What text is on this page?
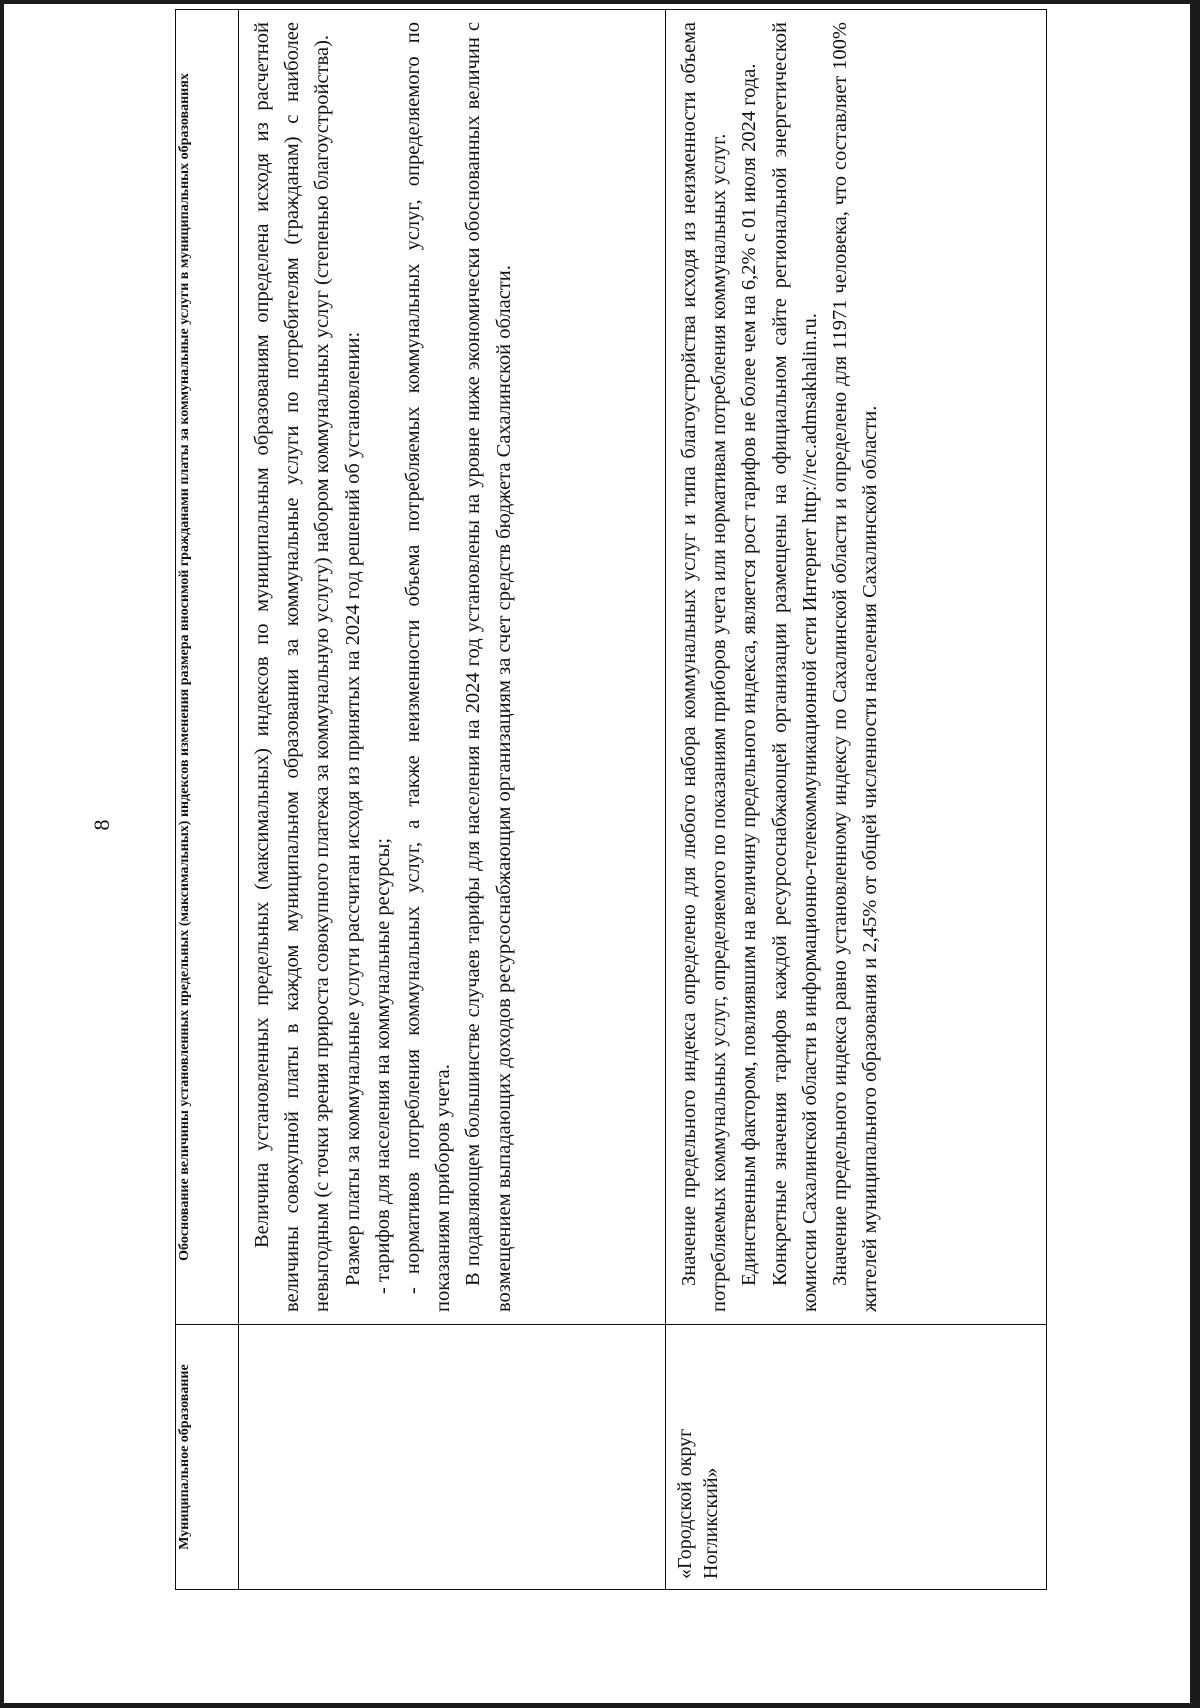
8
Муниципальное образование	Обоснование величины установленных предельных (максимальных) индексов изменения размера вносимой гражданами платы за коммунальные услуги в муниципальных образованиях

	Величина установленных предельных (максимальных) индексов по муниципальным образованиям определена исходя из расчетной величины совокупной платы в каждом муниципальном образовании за коммунальные услуги по потребителям (гражданам) с наиболее невыгодным (с точки зрения прироста совокупного платежа за коммунальную услугу) набором коммунальных услуг (степенью благоустройства). Размер платы за коммунальные услуги рассчитан исходя из принятых на 2024 год решений об установлении: - тарифов для населения на коммунальные ресурсы; - нормативов потребления коммунальных услуг, а также неизменности объема потребляемых коммунальных услуг, определяемого по показаниям приборов учета. В подавляющем большинстве случаев тарифы для населения на 2024 год установлены на уровне ниже экономически обоснованных величин с возмещением выпадающих доходов ресурсоснабжающим организациям за счет средств бюджета Сахалинской области.

«Городской округ Ногликский»	Значение предельного индекса определено для любого набора коммунальных услуг и типа благоустройства исходя из неизменности объема потребляемых коммунальных услуг, определяемого по показаниям приборов учета или нормативам потребления коммунальных услуг. Единственным фактором, повлиявшим на величину предельного индекса, является рост тарифов не более чем на 6,2% с 01 июля 2024 года. Конкретные значения тарифов каждой ресурсоснабжающей организации размещены на официальном сайте региональной энергетической комиссии Сахалинской области в информационно-телекоммуникационной сети Интернет http://rec.admsakhalin.ru. Значение предельного индекса равно установленному индексу по Сахалинской области и определено для 11971 человека, что составляет 100% жителей муниципального образования и 2,45% от общей численности населения Сахалинской области.
